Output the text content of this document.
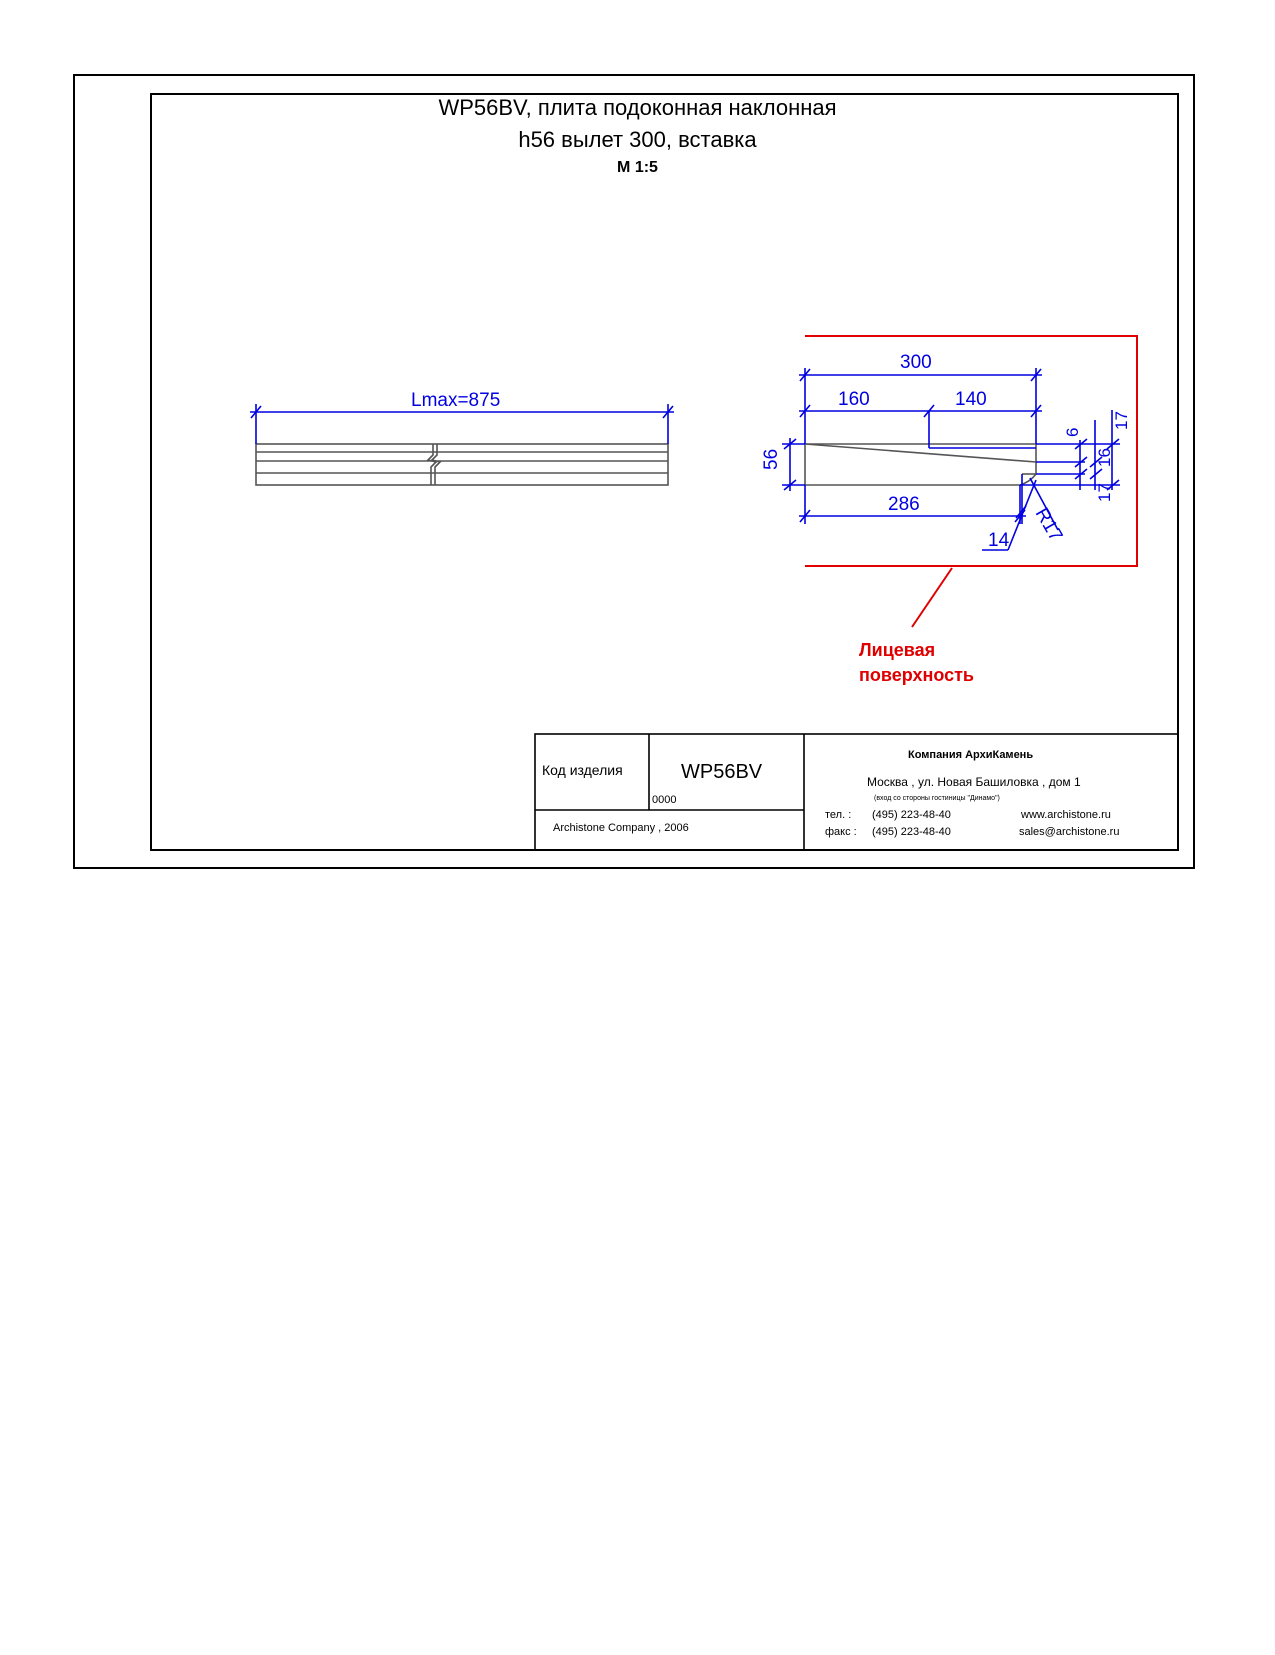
WP56BV, плита подоконная наклонная
h56 вылет 300, вставка
М 1:5
Lmax=875
300
160	140
56
286
14 R17
6
16
17
17
Лицевая
поверхность
Код изделия	WP56BV
0000
Archistone Company , 2006
Компания АрхиКамень
Москва , ул. Новая Башиловка , дом 1
(вход со стороны гостиницы "Динамо")
тел. : (495) 223-48-40
факс : (495) 223-48-40
www.archistone.ru
sales@archistone.ru
